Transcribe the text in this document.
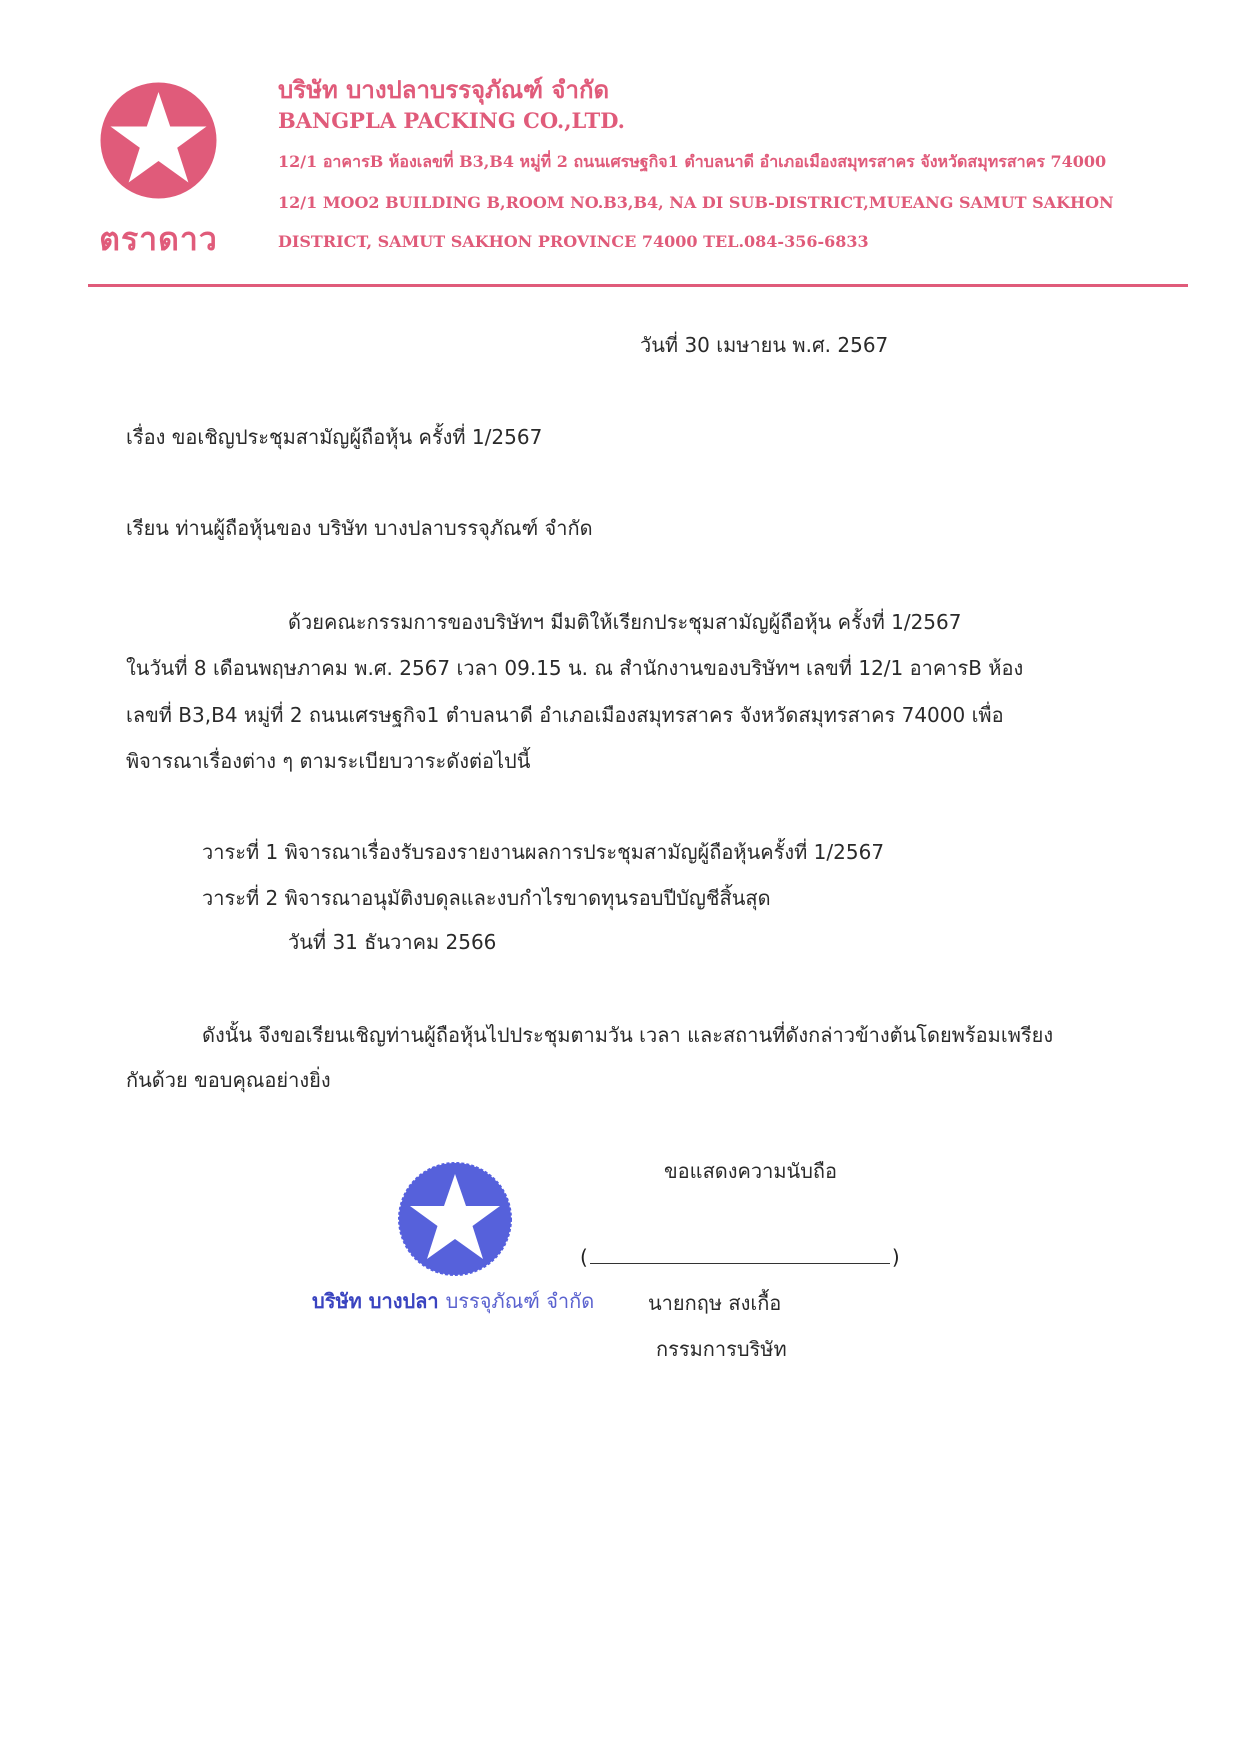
ตราดาว
บริษัท บางปลาบรรจุภัณฑ์ จำกัด
BANGPLA PACKING CO.,LTD.
12/1 อาคารB ห้องเลขที่ B3,B4 หมู่ที่ 2 ถนนเศรษฐกิจ1 ตำบลนาดี อำเภอเมืองสมุทรสาคร จังหวัดสมุทรสาคร 74000
12/1 MOO2 BUILDING B,ROOM NO.B3,B4, NA DI SUB-DISTRICT,MUEANG SAMUT SAKHON
DISTRICT, SAMUT SAKHON PROVINCE 74000 TEL.084-356-6833
วันที่ 30 เมษายน พ.ศ. 2567
เรื่อง ขอเชิญประชุมสามัญผู้ถือหุ้น ครั้งที่ 1/2567
เรียน ท่านผู้ถือหุ้นของ บริษัท บางปลาบรรจุภัณฑ์ จำกัด
ด้วยคณะกรรมการของบริษัทฯ มีมติให้เรียกประชุมสามัญผู้ถือหุ้น ครั้งที่ 1/2567
ในวันที่ 8 เดือนพฤษภาคม พ.ศ. 2567 เวลา 09.15 น. ณ สำนักงานของบริษัทฯ เลขที่ 12/1 อาคารB ห้อง
เลขที่ B3,B4 หมู่ที่ 2 ถนนเศรษฐกิจ1 ตำบลนาดี อำเภอเมืองสมุทรสาคร จังหวัดสมุทรสาคร 74000 เพื่อ
พิจารณาเรื่องต่าง ๆ ตามระเบียบวาระดังต่อไปนี้
วาระที่ 1 พิจารณาเรื่องรับรองรายงานผลการประชุมสามัญผู้ถือหุ้นครั้งที่ 1/2567
วาระที่ 2 พิจารณาอนุมัติงบดุลและงบกำไรขาดทุนรอบปีบัญชีสิ้นสุด
วันที่ 31 ธันวาคม 2566
ดังนั้น จึงขอเรียนเชิญท่านผู้ถือหุ้นไปประชุมตามวัน เวลา และสถานที่ดังกล่าวข้างต้นโดยพร้อมเพรียง
กันด้วย ขอบคุณอย่างยิ่ง
ขอแสดงความนับถือ
(	)
นายกฤษ สงเกื้อ
กรรมการบริษัท
บริษัท บางปลา บรรจุภัณฑ์ จำกัด
